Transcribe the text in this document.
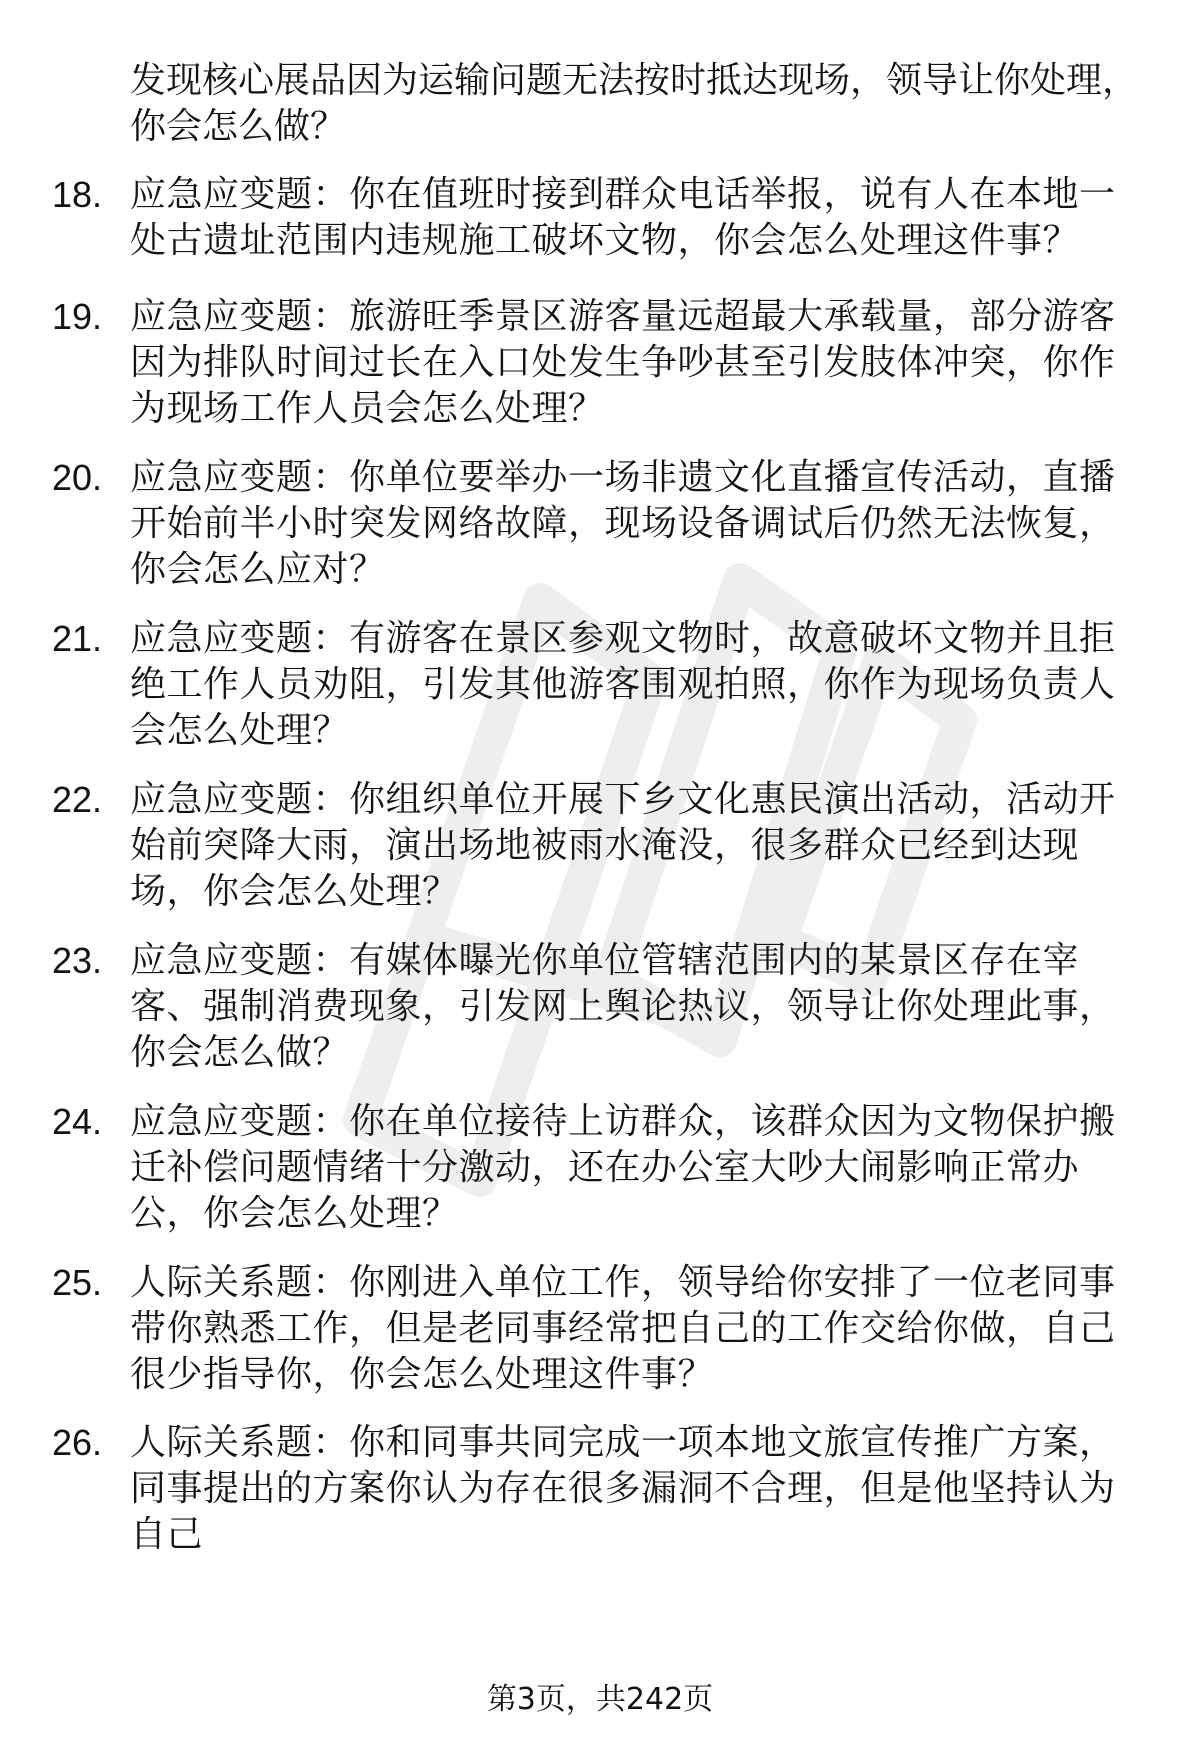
发现核心展品因为运输问题无法按时抵达现场，领导让你处理，你会怎么做？
18. 应急应变题：你在值班时接到群众电话举报，说有人在本地一处古遗址范围内违规施工破坏文物，你会怎么处理这件事？
19. 应急应变题：旅游旺季景区游客量远超最大承载量，部分游客因为排队时间过长在入口处发生争吵甚至引发肢体冲突，你作为现场工作人员会怎么处理？
20. 应急应变题：你单位要举办一场非遗文化直播宣传活动，直播开始前半小时突发网络故障，现场设备调试后仍然无法恢复，你会怎么应对？
21. 应急应变题：有游客在景区参观文物时，故意破坏文物并且拒绝工作人员劝阻，引发其他游客围观拍照，你作为现场负责人会怎么处理？
22. 应急应变题：你组织单位开展下乡文化惠民演出活动，活动开始前突降大雨，演出场地被雨水淹没，很多群众已经到达现场，你会怎么处理？
23. 应急应变题：有媒体曝光你单位管辖范围内的某景区存在宰客、强制消费现象，引发网上舆论热议，领导让你处理此事，你会怎么做？
24. 应急应变题：你在单位接待上访群众，该群众因为文物保护搬迁补偿问题情绪十分激动，还在办公室大吵大闹影响正常办公，你会怎么处理？
25. 人际关系题：你刚进入单位工作，领导给你安排了一位老同事带你熟悉工作，但是老同事经常把自己的工作交给你做，自己很少指导你，你会怎么处理这件事？
26. 人际关系题：你和同事共同完成一项本地文旅宣传推广方案，同事提出的方案你认为存在很多漏洞不合理，但是他坚持认为自己
第3页，共242页
